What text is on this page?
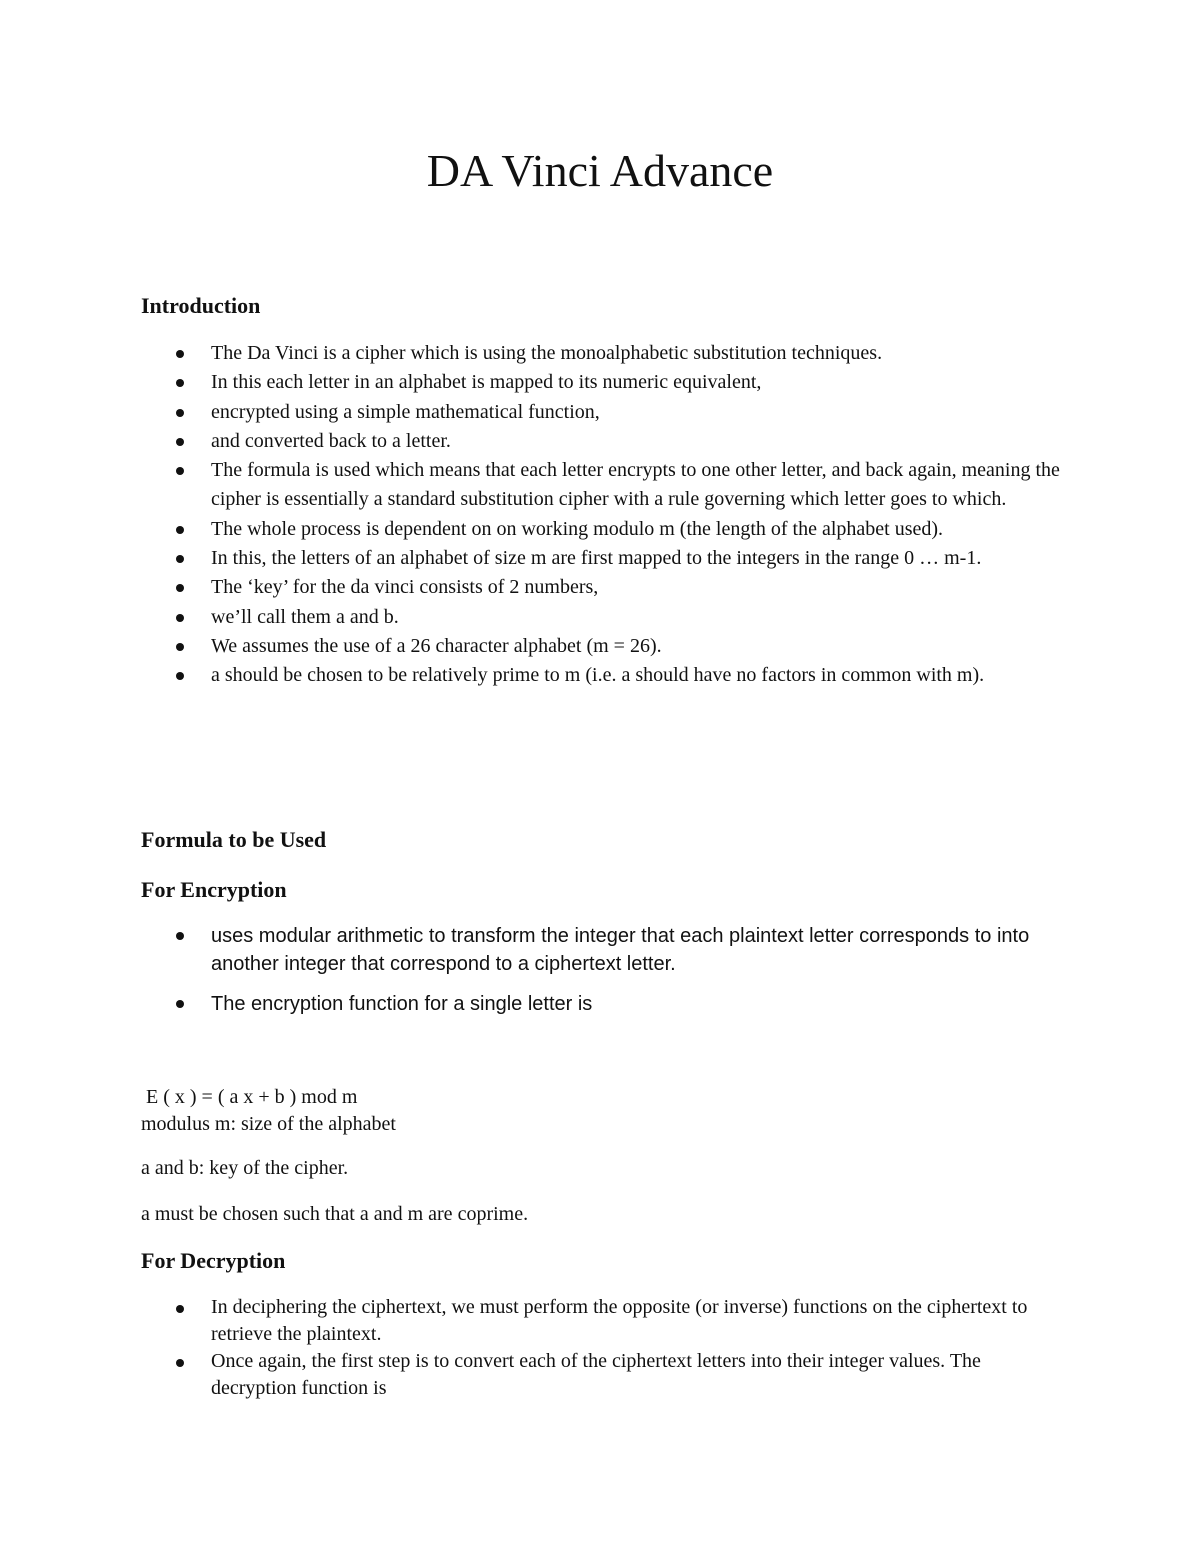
DA Vinci Advance
Introduction
The Da Vinci is a cipher which is using the monoalphabetic substitution techniques.
In this each letter in an alphabet is mapped to its numeric equivalent,
encrypted using a simple mathematical function,
and converted back to a letter.
The formula is used which means that each letter encrypts to one other letter, and back again, meaning the cipher is essentially a standard substitution cipher with a rule governing which letter goes to which.
The whole process is dependent on on working modulo m (the length of the alphabet used).
In this, the letters of an alphabet of size m are first mapped to the integers in the range 0 … m-1.
The ‘key’ for the da vinci consists of 2 numbers,
we’ll call them a and b.
We assumes the use of a 26 character alphabet (m = 26).
a should be chosen to be relatively prime to m (i.e. a should have no factors in common with m).
Formula to be Used
For Encryption
uses modular arithmetic to transform the integer that each plaintext letter corresponds to into another integer that correspond to a ciphertext letter.
The encryption function for a single letter is

E ( x ) = ( a x + b ) mod m

modulus m: size of the alphabet

a and b: key of the cipher.

a must be chosen such that a and m are coprime.

For Decryption
In deciphering the ciphertext, we must perform the opposite (or inverse) functions on the ciphertext to retrieve the plaintext.
Once again, the first step is to convert each of the ciphertext letters into their integer values. The decryption function is
